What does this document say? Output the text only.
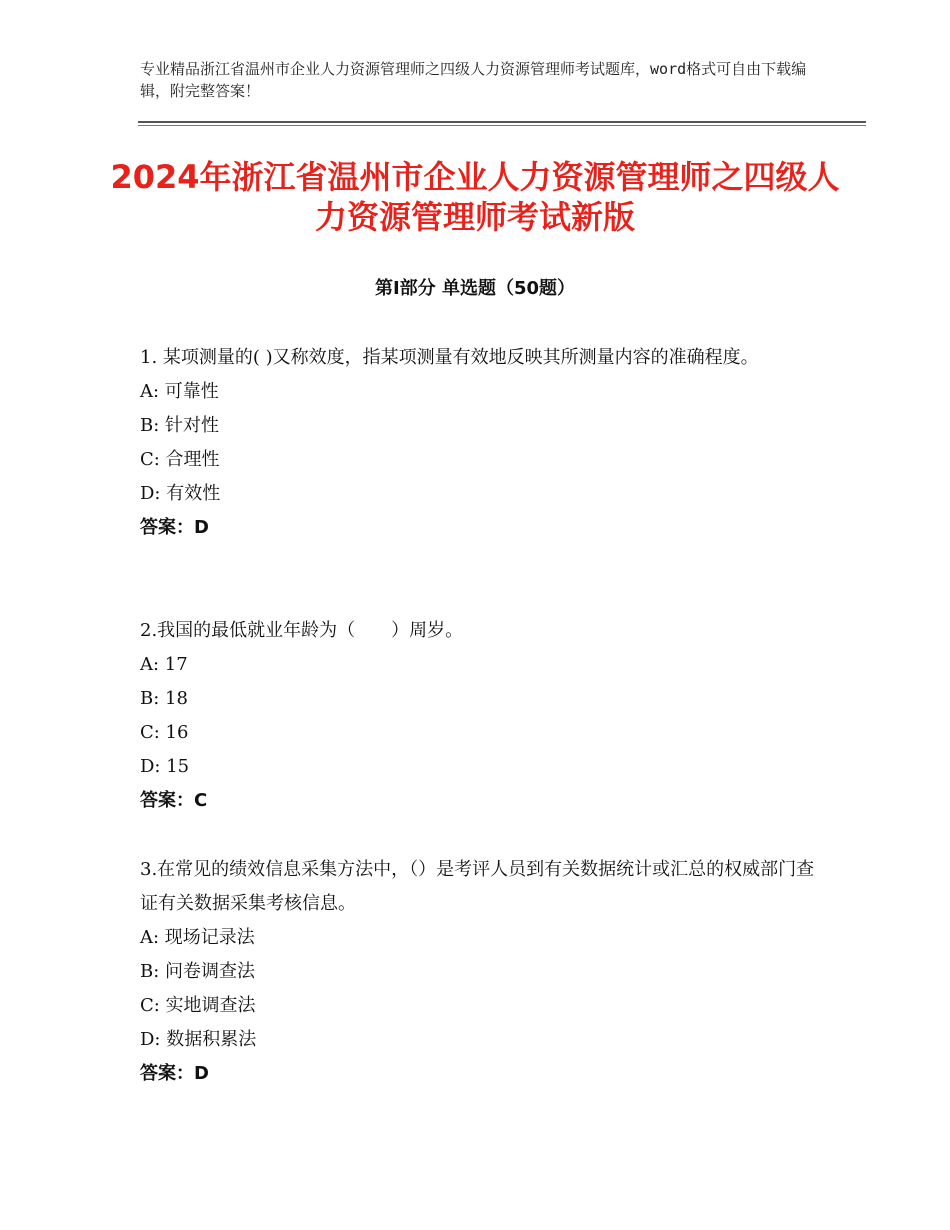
专业精品浙江省温州市企业人力资源管理师之四级人力资源管理师考试题库，word格式可自由下载编辑，附完整答案！
2024年浙江省温州市企业人力资源管理师之四级人力资源管理师考试新版
第Ⅰ部分 单选题（50题）

1. 某项测量的( )又称效度，指某项测量有效地反映其所测量内容的准确程度。

A: 可靠性

B: 针对性

C: 合理性

D: 有效性

答案：D

2.我国的最低就业年龄为（　　）周岁。

A: 17

B: 18

C: 16

D: 15

答案：C

3.在常见的绩效信息采集方法中，（）是考评人员到有关数据统计或汇总的权威部门查证有关数据采集考核信息。

A: 现场记录法

B: 问卷调查法

C: 实地调查法

D: 数据积累法

答案：D
